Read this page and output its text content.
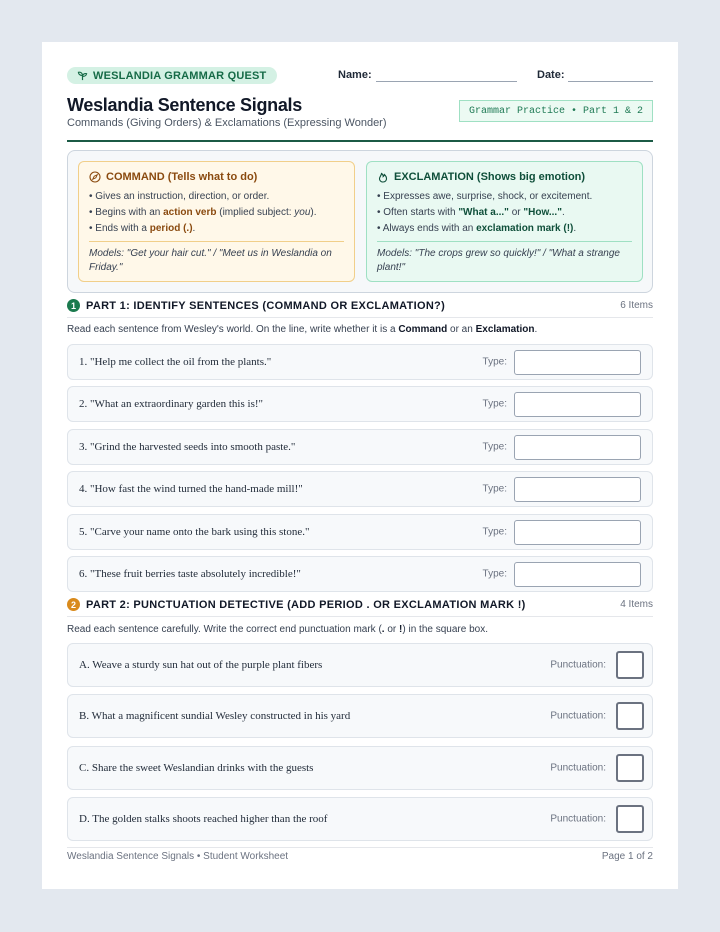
WESLANDIA GRAMMAR QUEST	Name:	Date:
Weslandia Sentence Signals
Commands (Giving Orders) & Exclamations (Expressing Wonder)
Grammar Practice • Part 1 & 2
COMMAND (Tells what to do)
• Gives an instruction, direction, or order.
• Begins with an action verb (implied subject: you).
• Ends with a period (.).
Models: "Get your hair cut." / "Meet us in Weslandia on Friday."
EXCLAMATION (Shows big emotion)
• Expresses awe, surprise, shock, or excitement.
• Often starts with "What a..." or "How...".
• Always ends with an exclamation mark (!).
Models: "The crops grew so quickly!" / "What a strange plant!"
1 PART 1: IDENTIFY SENTENCES (COMMAND OR EXCLAMATION?)	6 Items
Read each sentence from Wesley's world. On the line, write whether it is a Command or an Exclamation.
1. "Help me collect the oil from the plants."	Type:
2. "What an extraordinary garden this is!"	Type:
3. "Grind the harvested seeds into smooth paste."	Type:
4. "How fast the wind turned the hand-made mill!"	Type:
5. "Carve your name onto the bark using this stone."	Type:
6. "These fruit berries taste absolutely incredible!"	Type:
2 PART 2: PUNCTUATION DETECTIVE (ADD PERIOD . OR EXCLAMATION MARK !)	4 Items
Read each sentence carefully. Write the correct end punctuation mark (. or !) in the square box.
A. Weave a sturdy sun hat out of the purple plant fibers	Punctuation:
B. What a magnificent sundial Wesley constructed in his yard	Punctuation:
C. Share the sweet Weslandian drinks with the guests	Punctuation:
D. The golden stalks shoots reached higher than the roof	Punctuation:
Weslandia Sentence Signals • Student Worksheet	Page 1 of 2
